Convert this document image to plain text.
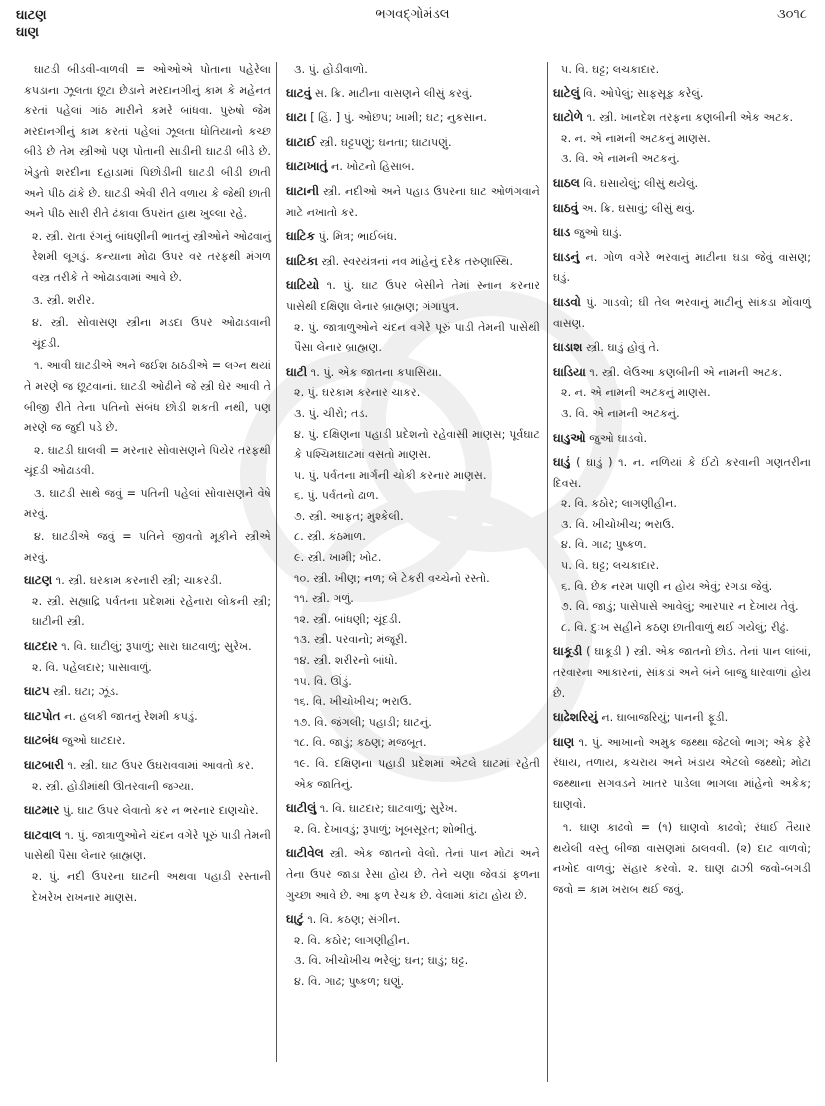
ઘાટણ
ઘાણ
ભગવદ્ગોમંડલ	૩૦૧૮
ઘાટડી બીડવી-વાળવી = ઓઓએ પોતાના પહેરેલા કપડાના ઝૂલતા છૂટા છેડાને મરદાનગીનું કામ કે મહેનત કરતાં પહેલાં ગાંઠ મારીને કમરે બાંધવા. પુરુષો જેમ મરદાનગીનું કામ કરતાં પહેલાં ઝૂલતા ધોતિયાનો કચ્છ બીડે છે તેમ સ્ત્રીઓ પણ પોતાની સાડીની ઘાટડી બીડે છે. ખેડુતો શરદીના દહાડામાં પિછોડીની ઘાટડી બીડી છાતી અને પીઠ ઢાંકે છે. ઘાટડી એવી રીતે વળાય કે જેથી છાતી અને પીઠ સારી રીતે ઢંકાવા ઉપરાંત હાથ ખુલ્લા રહે.
૨. સ્ત્રી. રાતા રંગનું બાંધણીની ભાતનું સ્ત્રીઓને ઓઢવાનું રેશમી લૂગડું. કન્યાના મોઢા ઉપર વર તરફથી મંગળ વસ્ત્ર તરીકે તે ઓઢાડવામાં આવે છે.
૩. સ્ત્રી. શરીર.
૪. સ્ત્રી. સોવાસણ સ્ત્રીના મડદા ઉપર ઓઢાડવાની ચૂંદડી.
૧. આવી ઘાટડીએ અને જઈશ ઠાઠડીએ = લગ્ન થયાં તે મરણે જ છૂટવાનાં. ઘાટડી ઓઢીને જે સ્ત્રી ઘેર આવી તે બીજી રીતે તેના પતિનો સંબંધ છોડી શકતી નથી, પણ મરણે જ જુદી પડે છે.
૨. ઘાટડી ઘાલવી = મરનાર સોવાસણને પિયેર તરફથી ચૂંદડી ઓઢાડવી.
૩. ઘાટડી સાથે જવું = પતિની પહેલાં સોવાસણને વેષે મરવું.
૪. ઘાટડીએ જવું = પતિને જીવતો મૂકીને સ્ત્રીએ મરવું.
ઘાટણ ૧. સ્ત્રી. ઘરકામ કરનારી સ્ત્રી; ચાકરડી.
૨. સ્ત્રી. સહ્યાદ્રિ પર્વતના પ્રદેશમાં રહેનારા લોકની સ્ત્રી; ઘાટીની સ્ત્રી.
ઘાટદાર ૧. વિ. ઘાટીલું; રૂપાળું; સારા ઘાટવાળું; સુરેખ.
૨. વિ. પહેલદાર; પાસાવાળું.
ઘાટપ સ્ત્રી. ઘટા; ઝૂંડ.
ઘાટપોત ન. હલકી જાતનું રેશમી કપડું.
ઘાટબંધ જુઓ ઘાટદાર.
ઘાટબારી ૧. સ્ત્રી. ઘાટ ઉપર ઉઘરાવવામાં આવતો કર.
૨. સ્ત્રી. હોડીમાંથી ઊતરવાની જગ્યા.
ઘાટમાર પું. ઘાટ ઉપર લેવાતો કર ન ભરનાર દાણચોર.
ઘાટવાલ ૧. પું. જાત્રાળુઓને ચંદન વગેરે પૂરું પાડી તેમની પાસેથી પૈસા લેનાર બ્રાહ્મણ.
૨. પું. નદી ઉપરના ઘાટની અથવા પહાડી રસ્તાની દેખરેખ રાખનાર માણસ.
૩. પું. હોડીવાળો.
ઘાટવું સ. ક્રિ. માટીના વાસણને લીસું કરવું.
ઘાટા [ હિં. ] પું. ઓછપ; ખામી; ઘટ; નુકસાન.
ઘાટાઈ સ્ત્રી. ઘટ્ટપણું; ઘનતા; ઘાટાપણું.
ઘાટાખાતું ન. ખોટનો હિસાબ.
ઘાટાની સ્ત્રી. નદીઓ અને પહાડ ઉપરના ઘાટ ઓળંગવાને માટે નખાતો કર.
ઘાટિક પું. મિત્ર; ભાઈબંધ.
ઘાટિકા સ્ત્રી. સ્વરયંત્રનાં નવ માંહેનું દરેક તરુણાસ્થિ.
ઘાટિયો ૧. પું. ઘાટ ઉપર બેસીને તેમાં સ્નાન કરનાર પાસેથી દક્ષિણા લેનાર બ્રાહ્મણ; ગંગાપુત્ર.
૨. પું. જાત્રાળુઓને ચંદન વગેરે પૂરું પાડી તેમની પાસેથી પૈસા લેનાર બ્રાહ્મણ.
ઘાટી ૧. પું. એક જાતના કપાસિયા.
૨. પું. ઘરકામ કરનાર ચાકર.
૩. પું. ચીરો; તડ.
૪. પું. દક્ષિણના પહાડી પ્રદેશનો રહેવાસી માણસ; પૂર્વઘાટ કે પશ્ચિમઘાટમાં વસતો માણસ.
૫. પું. પર્વતના માર્ગની ચોકી કરનાર માણસ.
૬. પું. પર્વતનો ઢાળ.
૭. સ્ત્રી. આફત; મુશ્કેલી.
૮. સ્ત્રી. કંઠમાળ.
૯. સ્ત્રી. ખામી; ખોટ.
૧૦. સ્ત્રી. ખીણ; નળ; બે ટેકરી વચ્ચેનો રસ્તો.
૧૧. સ્ત્રી. ગળું.
૧૨. સ્ત્રી. બાંધણી; ચૂંદડી.
૧૩. સ્ત્રી. પરવાનો; મંજૂરી.
૧૪. સ્ત્રી. શરીરનો બાંધો.
૧૫. વિ. ઊંડું.
૧૬. વિ. ખીચોખીચ; ભરાઉ.
૧૭. વિ. જંગલી; પહાડી; ઘાટનું.
૧૮. વિ. જાડું; કઠણ; મજબૂત.
૧૯. વિ. દક્ષિણના પહાડી પ્રદેશમાં એટલે ઘાટમાં રહેતી એક જાતિનું.
ઘાટીલું ૧. વિ. ઘાટદાર; ઘાટવાળું; સુરેખ.
૨. વિ. દેખાવડું; રૂપાળું; ખૂબસૂરત; શોભીતું.
ઘાટીવેલ સ્ત્રી. એક જાતનો વેલો. તેનાં પાન મોટાં અને તેના ઉપર જાડા રેસા હોય છે. તેને ચણા જેવડાં ફળના ગુચ્છા આવે છે. આ ફળ રેચક છે. વેલામાં કાંટા હોય છે.
ઘાટું ૧. વિ. કઠણ; સંગીન.
૨. વિ. કઠોર; લાગણીહીન.
૩. વિ. ખીચોખીચ ભરેલું; ઘન; ઘાડું; ઘટ્ટ.
૪. વિ. ગાઢ; પુષ્કળ; ઘણું.
૫. વિ. ઘટ્ટ; લચકાદાર.
ઘાટેલું વિ. ઓપેલું; સાફસૂફ કરેલું.
ઘાટોળે ૧. સ્ત્રી. ખાનદેશ તરફના કણબીની એક અટક.
૨. ન. એ નામની અટકનું માણસ.
૩. વિ. એ નામની અટકનું.
ઘાઠલ વિ. ઘસાયેલું; લીસું થયેલું.
ઘાઠવું અ. ક્રિ. ઘસાવું; લીસું થવું.
ઘાડ જુઓ ઘાડું.
ઘાડનું ન. ગોળ વગેરે ભરવાનું માટીના ઘડા જેવું વાસણ; ઘડું.
ઘાડવો પું. ગાડવો; ઘી તેલ ભરવાનું માટીનું સાંકડા મોંવાળું વાસણ.
ઘાડાશ સ્ત્રી. ઘાડું હોવું તે.
ઘાડિયા ૧. સ્ત્રી. લેઉઆ કણબીની એ નામની અટક.
૨. ન. એ નામની અટકનું માણસ.
૩. વિ. એ નામની અટકનું.
ઘાડુઓ જુઓ ઘાડવો.
ઘાડું ( ઘાડું ) ૧. ન. નળિયાં કે ઈંટો કરવાની ગણતરીના દિવસ.
૨. વિ. કઠોર; લાગણીહીન.
૩. વિ. ખીચોખીચ; ભરાઉ.
૪. વિ. ગાઢ; પુષ્કળ.
૫. વિ. ઘટ્ટ; લચકાદાર.
૬. વિ. છેક નરમ પાણી ન હોય એવું; રગડા જેવું.
૭. વિ. જાડું; પાસેપાસે આવેલું; આરપાર ન દેખાય તેવું.
૮. વિ. દુઃખ સહીને કઠણ છાતીવાળું થઈ ગયેલું; રીઢું.
ઘાકૂડી ( ઘાકૂડી ) સ્ત્રી. એક જાતનો છોડ. તેનાં પાન લાંબાં, તરવારના આકારનાં, સાંકડાં અને બંને બાજુ ધારવાળાં હોય છે.
ઘાઢેશરિયું ન. ઘાબાજરિયું; પાનની ફૂડી.
ઘાણ ૧. પું. આખાનો અમુક જથ્થા જેટલો ભાગ; એક ફેરે રંધાય, તળાય, કચરાય અને ખંડાય એટલો જથ્થો; મોટા જથ્થાના સગવડને ખાતર પાડેલા ભાગલા માંહેનો અકેક; ઘાણવો.
૧. ઘાણ કાઢવો = (૧) ઘાણવો કાઢવો; રંધાઈ તૈયાર થયેલી વસ્તુ બીજા વાસણમાં ઠાલવવી. (૨) દાટ વાળવો; નખોદ વાળવું; સંહાર કરવો. ૨. ઘાણ ઢાઝી જવો-બગડી જવો = કામ ખરાબ થઈ જવું.
